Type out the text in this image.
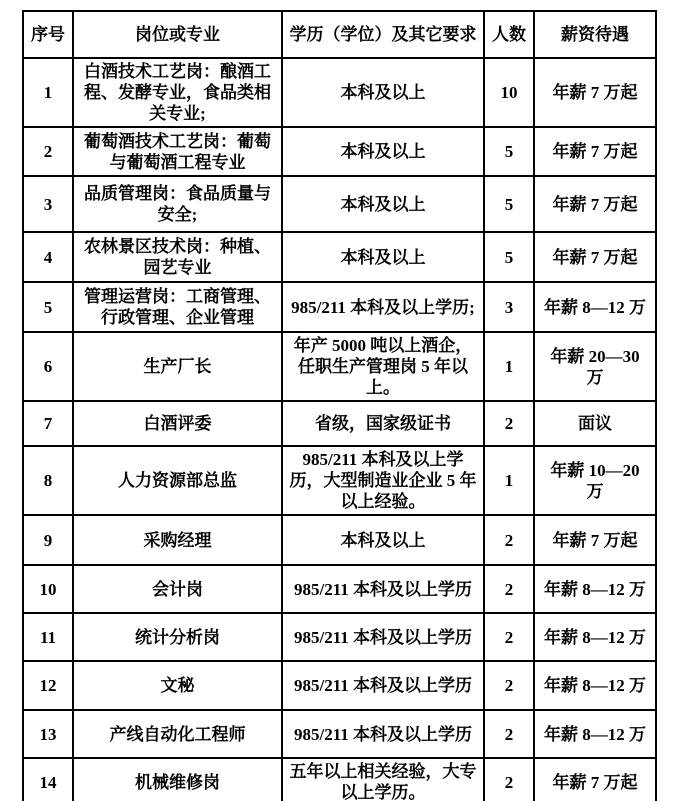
序号	岗位或专业	学历（学位）及其它要求	人数	薪资待遇
1	白酒技术工艺岗：酿酒工程、发酵专业，食品类相关专业;	本科及以上	10	年薪 7 万起
2	葡萄酒技术工艺岗：葡萄与葡萄酒工程专业	本科及以上	5	年薪 7 万起
3	品质管理岗：食品质量与安全;	本科及以上	5	年薪 7 万起
4	农林景区技术岗：种植、园艺专业	本科及以上	5	年薪 7 万起
5	管理运营岗：工商管理、行政管理、企业管理	985/211 本科及以上学历;	3	年薪 8—12 万
6	生产厂长	年产 5000 吨以上酒企，任职生产管理岗 5 年以上。	1	年薪 20—30 万
7	白酒评委	省级，国家级证书	2	面议
8	人力资源部总监	985/211 本科及以上学历，大型制造业企业 5 年以上经验。	1	年薪 10—20 万
9	采购经理	本科及以上	2	年薪 7 万起
10	会计岗	985/211 本科及以上学历	2	年薪 8—12 万
11	统计分析岗	985/211 本科及以上学历	2	年薪 8—12 万
12	文秘	985/211 本科及以上学历	2	年薪 8—12 万
13	产线自动化工程师	985/211 本科及以上学历	2	年薪 8—12 万
14	机械维修岗	五年以上相关经验，大专以上学历。	2	年薪 7 万起
